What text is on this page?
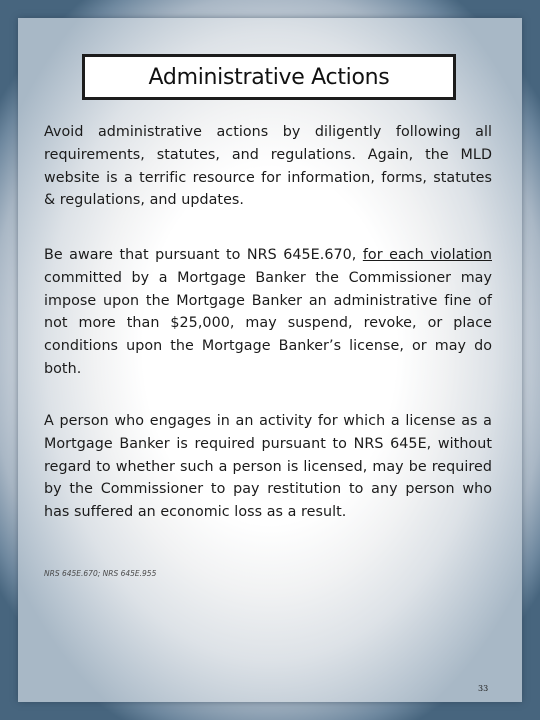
Administrative Actions

Avoid administrative actions by diligently following all requirements, statutes, and regulations. Again, the MLD website is a terrific resource for information, forms, statutes & regulations, and updates.

Be aware that pursuant to NRS 645E.670, for each violation committed by a Mortgage Banker the Commissioner may impose upon the Mortgage Banker an administrative fine of not more than $25,000, may suspend, revoke, or place conditions upon the Mortgage Banker’s license, or may do both.

A person who engages in an activity for which a license as a Mortgage Banker is required pursuant to NRS 645E, without regard to whether such a person is licensed, may be required by the Commissioner to pay restitution to any person who has suffered an economic loss as a result.

NRS 645E.670; NRS 645E.955
33
